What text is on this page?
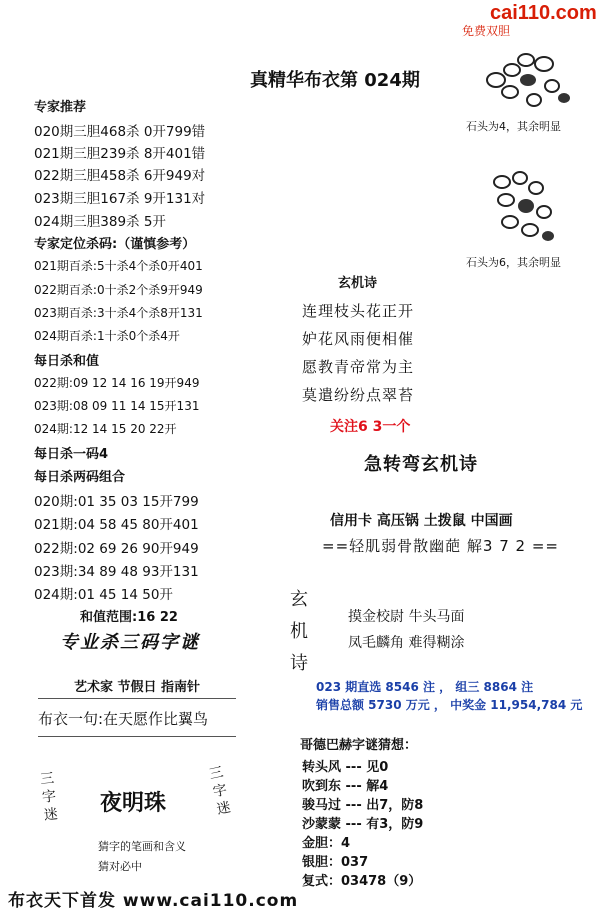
cai110.com
免费双胆
真精华布衣第 024期
专家推荐
020期三胆468杀 0开799错
021期三胆239杀 8开401错
022期三胆458杀 6开949对
023期三胆167杀 9开131对
024期三胆389杀 5开
专家定位杀码:（谨慎参考）
021期百杀:5十杀4个杀0开401
022期百杀:0十杀2个杀9开949
023期百杀:3十杀4个杀8开131
024期百杀:1十杀0个杀4开
每日杀和值
022期:09 12 14 16 19开949
023期:08 09 11 14 15开131
024期:12 14 15 20 22开
每日杀一码4
每日杀两码组合
020期:01 35 03 15开799
021期:04 58 45 80开401
022期:02 69 26 90开949
023期:34 89 48 93开131
024期:01 45 14 50开
和值范围:16 22
专业杀三码字谜
艺术家 节假日 指南针
布衣一句:在天愿作比翼鸟
三字迷 夜明珠
三字迷
猜字的笔画和含义
猜对必中
石头为4，其余明显
石头为6，其余明显
玄机诗
连理枝头花正开
妒花风雨便相催
愿教青帝常为主
莫遣纷纷点翠苔
关注6 3一个
急转弯玄机诗
信用卡 高压锅 土拨鼠 中国画
==轻肌弱骨散幽葩 解3 7 2 ==
玄机诗
摸金校尉 牛头马面
凤毛麟角 难得糊涂
023 期直选 8546 注 ， 组三 8864 注
销售总额 5730 万元 ， 中奖金 11,954,784 元
哥德巴赫字谜猜想：
转头风 --- 见0
吹到东 --- 解4
骏马过 --- 出7，防8
沙蒙蒙 --- 有3，防9
金胆：4
银胆：037
复式：03478（9）
布衣天下首发 www.cai110.com
